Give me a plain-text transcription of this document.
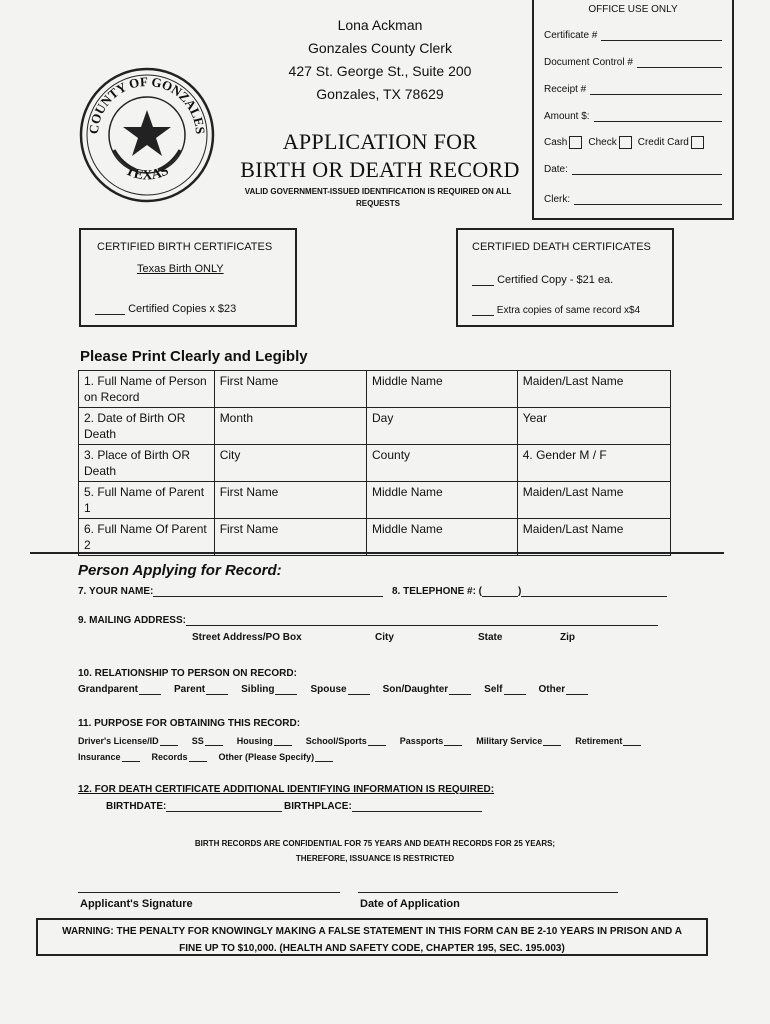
COUNTY OF GONZALES
TEXAS
Lona Ackman
Gonzales County Clerk
427 St. George St., Suite 200
Gonzales, TX 78629
APPLICATION FOR
BIRTH OR DEATH RECORD
VALID GOVERNMENT-ISSUED IDENTIFICATION IS REQUIRED ON ALL
REQUESTS
OFFICE USE ONLY
Certificate #
Document Control #
Receipt #
Amount $:
Cash Check Credit Card
Date:
Clerk:
CERTIFIED BIRTH CERTIFICATES
Texas Birth ONLY
Certified Copies x $23
CERTIFIED DEATH CERTIFICATES
Certified Copy - $21 ea.
Extra copies of same record x$4
Please Print Clearly and Legibly
1. Full Name of Person on Record	First Name	Middle Name	Maiden/Last Name
2. Date of Birth OR Death	Month	Day	Year
3. Place of Birth OR Death	City	County	4. Gender M / F
5. Full Name of Parent 1	First Name	Middle Name	Maiden/Last Name
6. Full Name Of Parent 2	First Name	Middle Name	Maiden/Last Name
Person Applying for Record:
7. YOUR NAME:	8. TELEPHONE #: (	)
9. MAILING ADDRESS:
Street Address/PO Box	City	State	Zip
10. RELATIONSHIP TO PERSON ON RECORD:
Grandparent	Parent	Sibling	Spouse	Son/Daughter	Self	Other
11. PURPOSE FOR OBTAINING THIS RECORD:
Driver's License/ID	SS	Housing	School/Sports	Passports	Military Service	Retirement
Insurance	Records	Other (Please Specify)
12. FOR DEATH CERTIFICATE ADDITIONAL IDENTIFYING INFORMATION IS REQUIRED:
BIRTHDATE:	BIRTHPLACE:
BIRTH RECORDS ARE CONFIDENTIAL FOR 75 YEARS AND DEATH RECORDS FOR 25 YEARS;
THEREFORE, ISSUANCE IS RESTRICTED
Applicant's Signature	Date of Application
WARNING: THE PENALTY FOR KNOWINGLY MAKING A FALSE STATEMENT IN THIS FORM CAN BE 2-10 YEARS IN PRISON AND A
FINE UP TO $10,000. (HEALTH AND SAFETY CODE, CHAPTER 195, SEC. 195.003)
